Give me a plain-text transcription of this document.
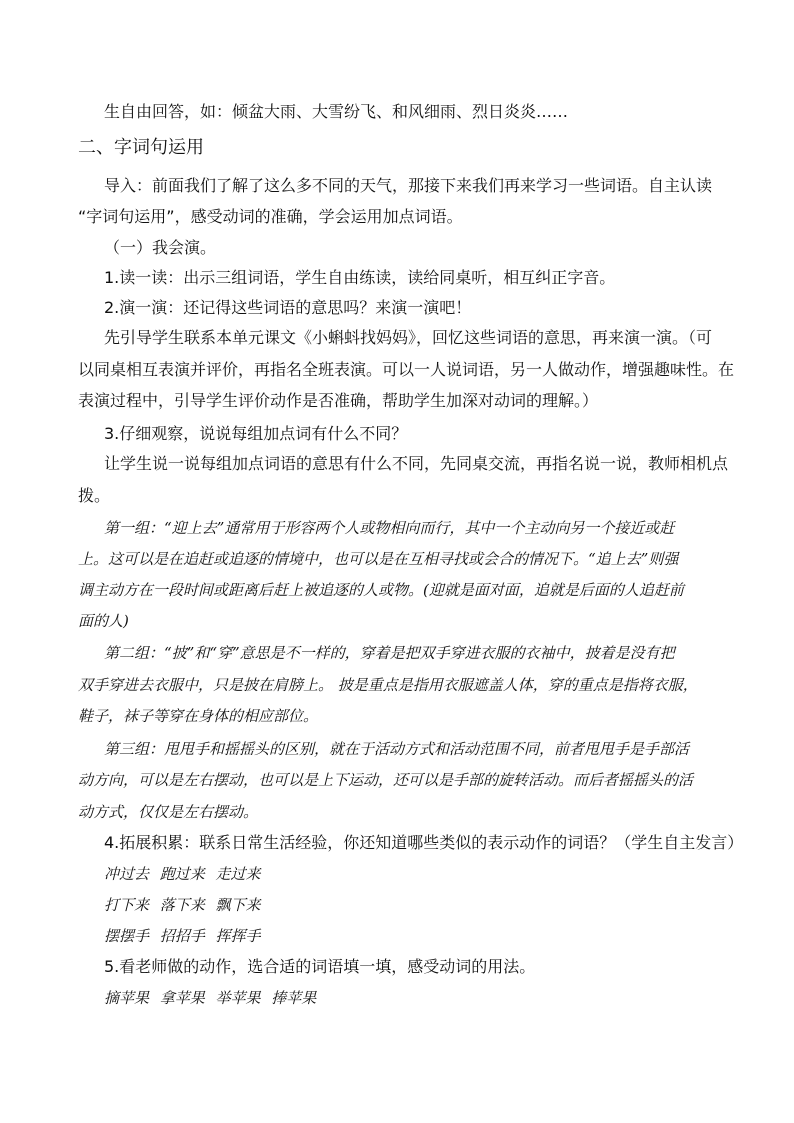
生自由回答，如：倾盆大雨、大雪纷飞、和风细雨、烈日炎炎……
二、字词句运用
导入：前面我们了解了这么多不同的天气，那接下来我们再来学习一些词语。自主认读
“字词句运用”，感受动词的准确，学会运用加点词语。
（一）我会演。
1.读一读：出示三组词语，学生自由练读，读给同桌听，相互纠正字音。
2.演一演：还记得这些词语的意思吗？来演一演吧！
先引导学生联系本单元课文《小蝌蚪找妈妈》，回忆这些词语的意思，再来演一演。（可
以同桌相互表演并评价，再指名全班表演。可以一人说词语，另一人做动作，增强趣味性。在
表演过程中，引导学生评价动作是否准确，帮助学生加深对动词的理解。）
3.仔细观察，说说每组加点词有什么不同？
让学生说一说每组加点词语的意思有什么不同，先同桌交流，再指名说一说，教师相机点
拨。
第一组：“迎上去”通常用于形容两个人或物相向而行，其中一个主动向另一个接近或赶
上。这可以是在追赶或追逐的情境中，也可以是在互相寻找或会合的情况下。“追上去”则强
调主动方在一段时间或距离后赶上被追逐的人或物。(迎就是面对面，追就是后面的人追赶前
面的人)
第二组：“披”和“穿”意思是不一样的，穿着是把双手穿进衣服的衣袖中，披着是没有把
双手穿进去衣服中，只是披在肩膀上。 披是重点是指用衣服遮盖人体，穿的重点是指将衣服，
鞋子，袜子等穿在身体的相应部位。
第三组：甩甩手和摇摇头的区别，就在于活动方式和活动范围不同，前者甩甩手是手部活
动方向，可以是左右摆动，也可以是上下运动，还可以是手部的旋转活动。而后者摇摇头的活
动方式，仅仅是左右摆动。
4.拓展积累：联系日常生活经验，你还知道哪些类似的表示动作的词语？（学生自主发言）
冲过去 跑过来 走过来
打下来 落下来 飘下来
摆摆手 招招手 挥挥手
5.看老师做的动作，选合适的词语填一填，感受动词的用法。
摘苹果 拿苹果 举苹果 捧苹果
